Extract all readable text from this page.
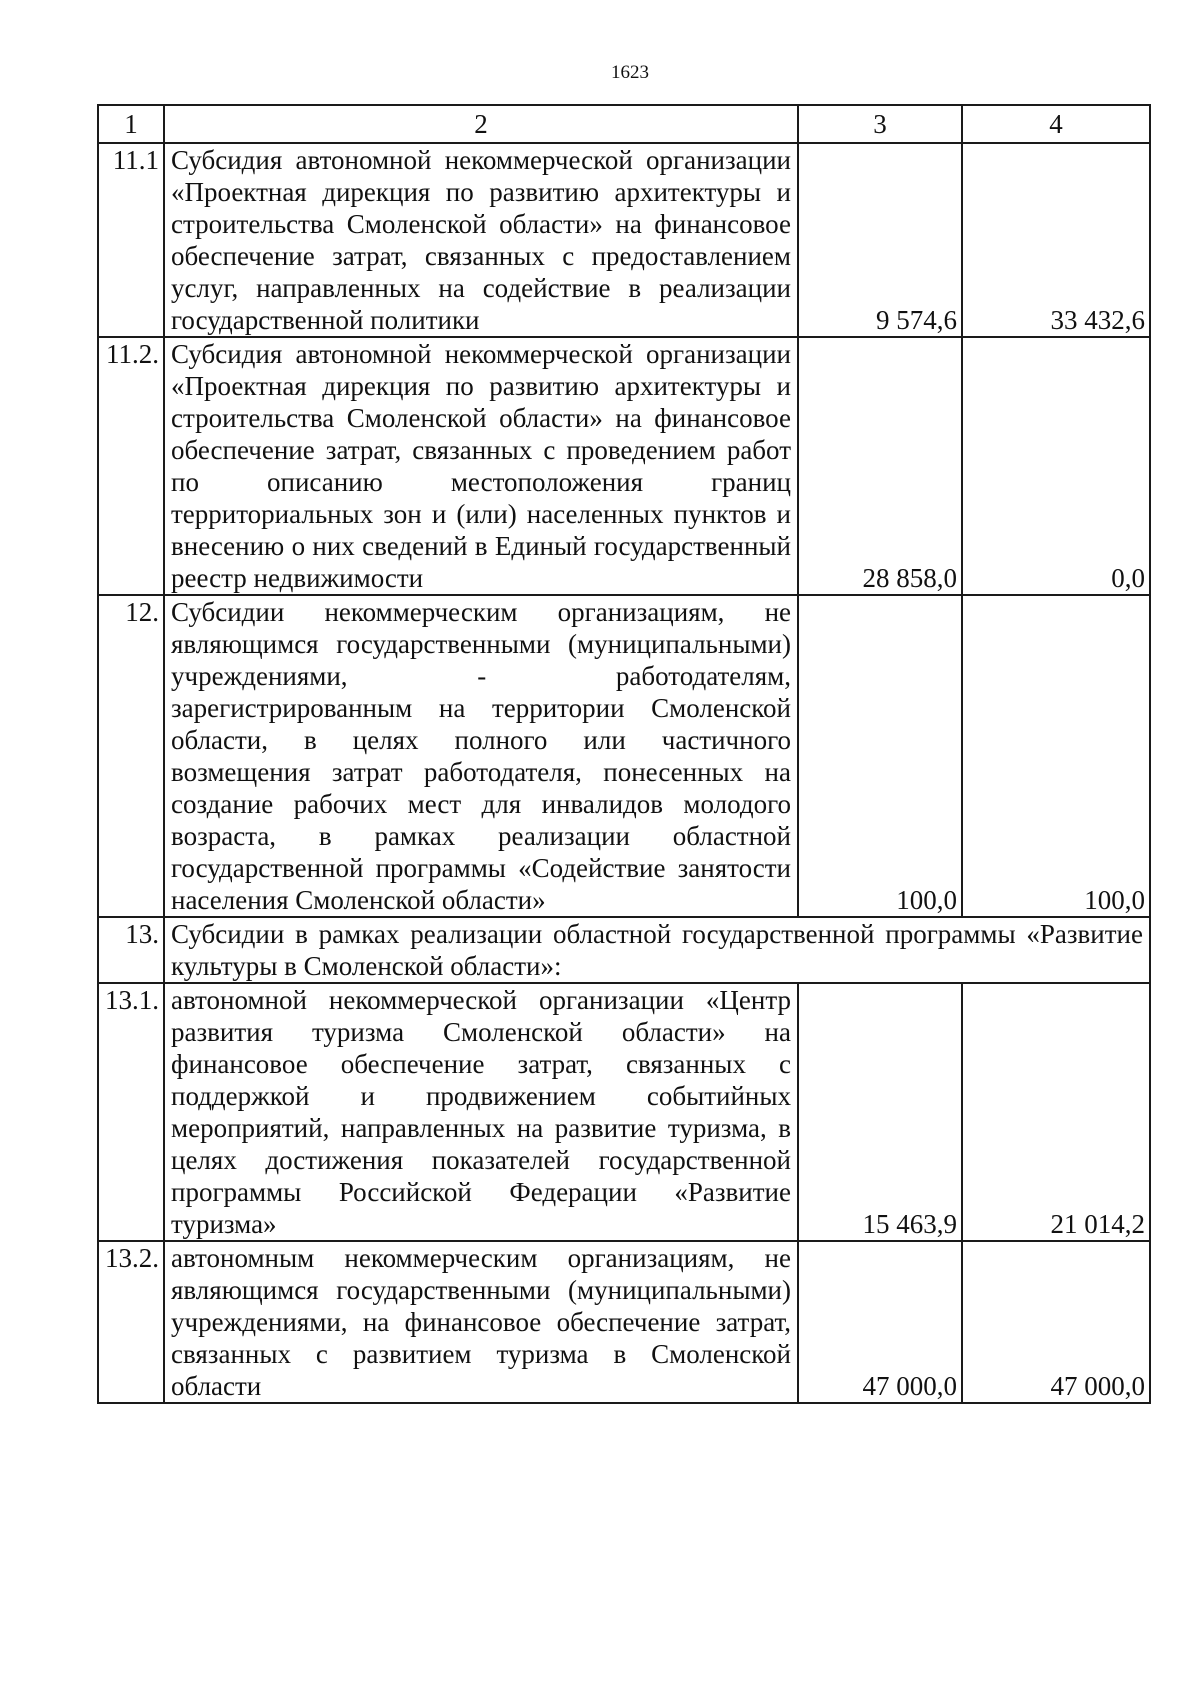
1623
1	2	3	4
11.1	Субсидия автономной некоммерческой организации «Проектная дирекция по развитию архитектуры и строительства Смоленской области» на финансовое обеспечение затрат, связанных с предоставлением услуг, направленных на содействие в реализации государственной политики	9 574,6	33 432,6
11.2.	Субсидия автономной некоммерческой организации «Проектная дирекция по развитию архитектуры и строительства Смоленской области» на финансовое обеспечение затрат, связанных с проведением работ по описанию местоположения границ территориальных зон и (или) населенных пунктов и внесению о них сведений в Единый государственный реестр недвижимости	28 858,0	0,0
12.	Субсидии некоммерческим организациям, не являющимся государственными (муниципальными) учреждениями, - работодателям, зарегистрированным на территории Смоленской области, в целях полного или частичного возмещения затрат работодателя, понесенных на создание рабочих мест для инвалидов молодого возраста, в рамках реализации областной государственной программы «Содействие занятости населения Смоленской области»	100,0	100,0
13.	Субсидии в рамках реализации областной государственной программы «Развитие культуры в Смоленской области»:		
13.1.	автономной некоммерческой организации «Центр развития туризма Смоленской области» на финансовое обеспечение затрат, связанных с поддержкой и продвижением событийных мероприятий, направленных на развитие туризма, в целях достижения показателей государственной программы Российской Федерации «Развитие туризма»	15 463,9	21 014,2
13.2.	автономным некоммерческим организациям, не являющимся государственными (муниципальными) учреждениями, на финансовое обеспечение затрат, связанных с развитием туризма в Смоленской области	47 000,0	47 000,0
